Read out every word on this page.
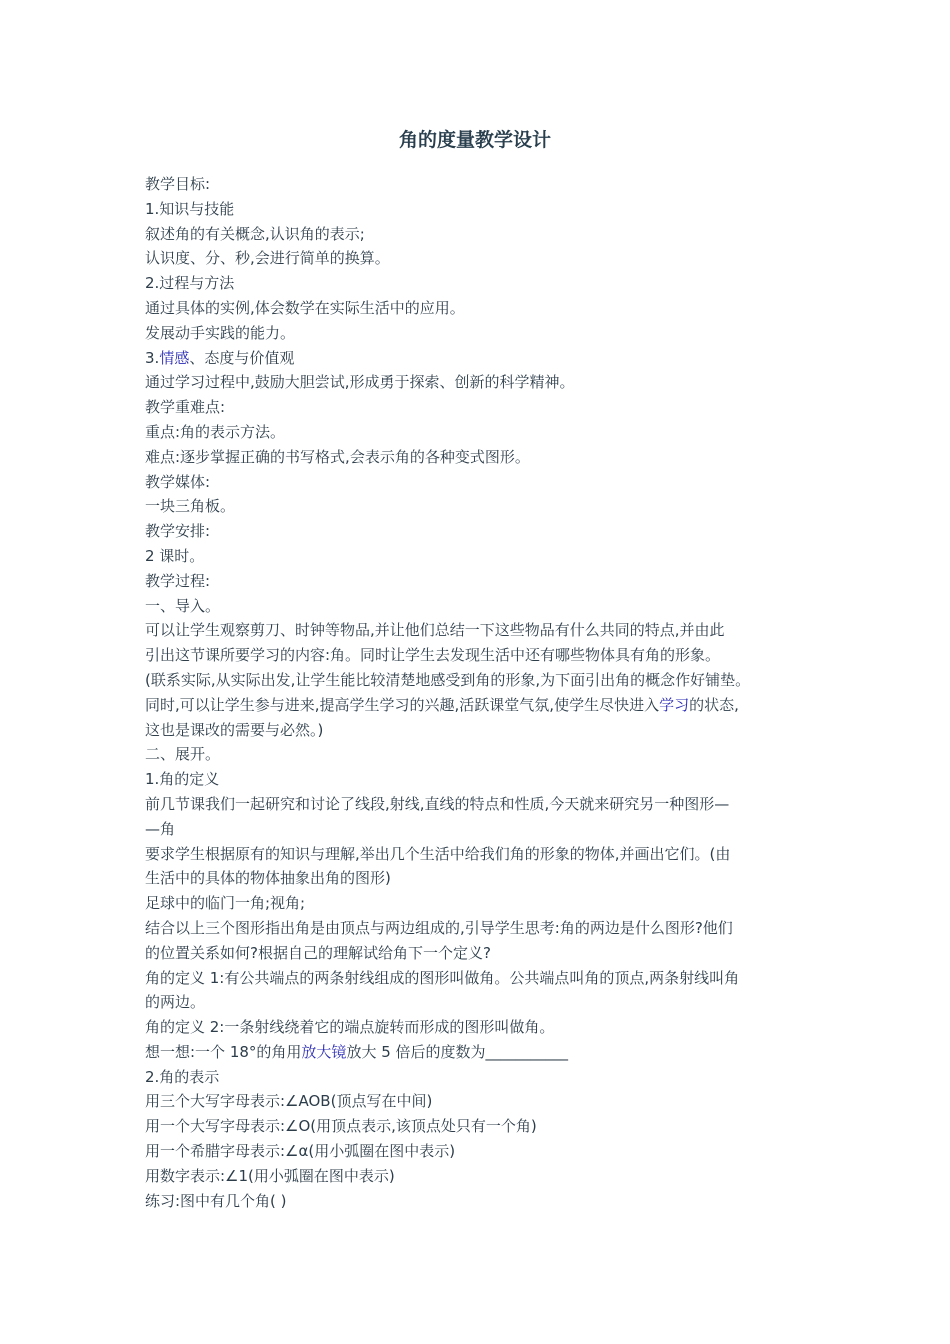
角的度量教学设计
教学目标:
1.知识与技能
叙述角的有关概念,认识角的表示;
认识度、分、秒,会进行简单的换算。
2.过程与方法
通过具体的实例,体会数学在实际生活中的应用。
发展动手实践的能力。
3.情感、态度与价值观
通过学习过程中,鼓励大胆尝试,形成勇于探索、创新的科学精神。
教学重难点:
重点:角的表示方法。
难点:逐步掌握正确的书写格式,会表示角的各种变式图形。
教学媒体:
一块三角板。
教学安排:
2 课时。
教学过程:
一、导入。
可以让学生观察剪刀、时钟等物品,并让他们总结一下这些物品有什么共同的特点,并由此
引出这节课所要学习的内容:角。同时让学生去发现生活中还有哪些物体具有角的形象。
(联系实际,从实际出发,让学生能比较清楚地感受到角的形象,为下面引出角的概念作好铺垫。
同时,可以让学生参与进来,提高学生学习的兴趣,活跃课堂气氛,使学生尽快进入学习的状态,
这也是课改的需要与必然。)
二、展开。
1.角的定义
前几节课我们一起研究和讨论了线段,射线,直线的特点和性质,今天就来研究另一种图形—
—角
要求学生根据原有的知识与理解,举出几个生活中给我们角的形象的物体,并画出它们。(由
生活中的具体的物体抽象出角的图形)
足球中的临门一角;视角;
结合以上三个图形指出角是由顶点与两边组成的,引导学生思考:角的两边是什么图形?他们
的位置关系如何?根据自己的理解试给角下一个定义?
角的定义 1:有公共端点的两条射线组成的图形叫做角。公共端点叫角的顶点,两条射线叫角
的两边。
角的定义 2:一条射线绕着它的端点旋转而形成的图形叫做角。
想一想:一个 18°的角用放大镜放大 5 倍后的度数为___________
2.角的表示
用三个大写字母表示:∠AOB(顶点写在中间)
用一个大写字母表示:∠O(用顶点表示,该顶点处只有一个角)
用一个希腊字母表示:∠α(用小弧圈在图中表示)
用数字表示:∠1(用小弧圈在图中表示)
练习:图中有几个角( )
